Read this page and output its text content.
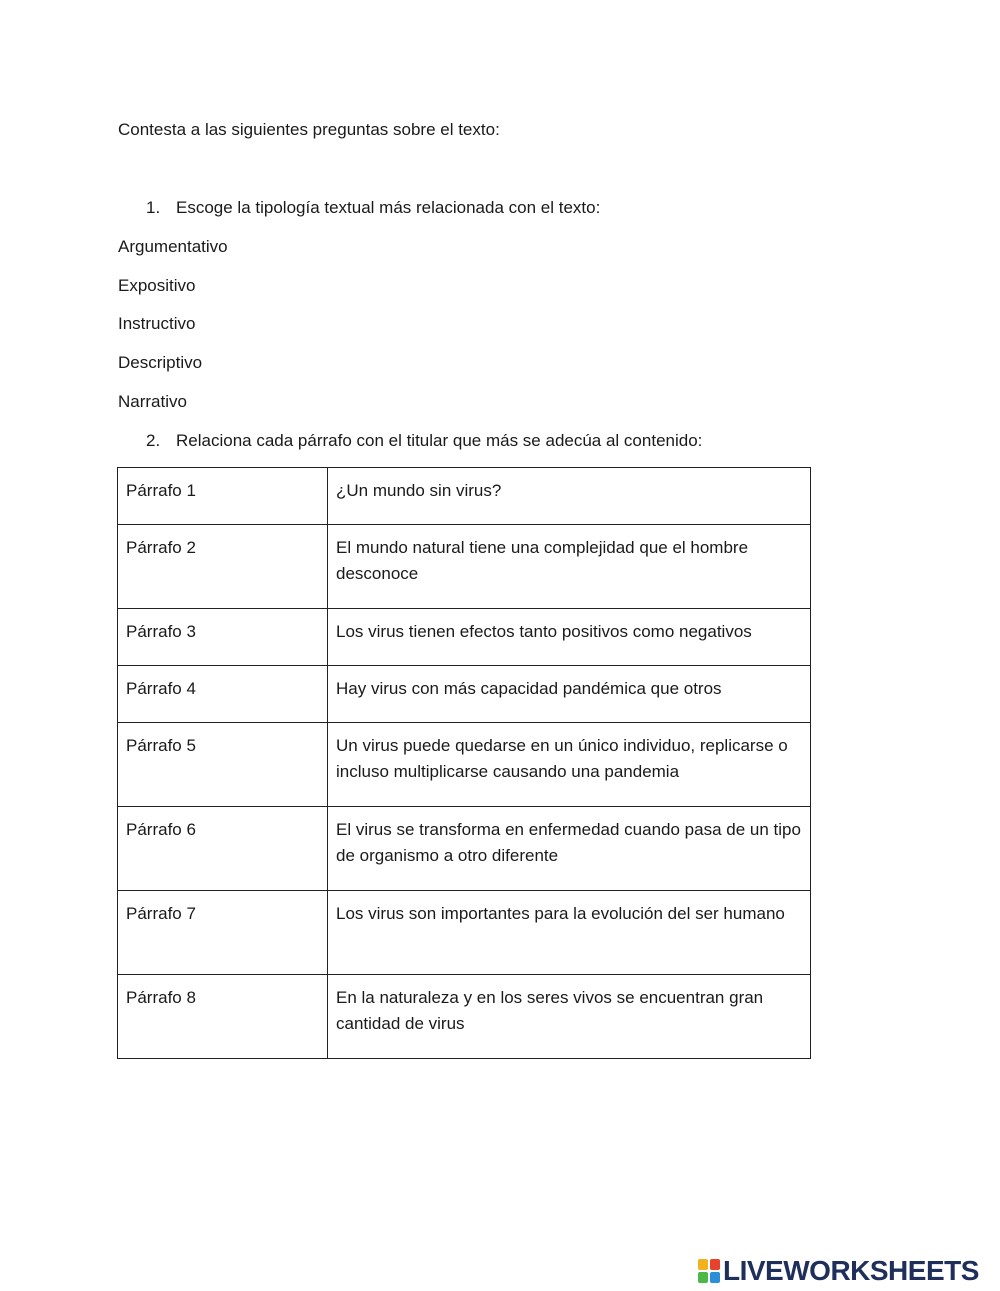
Contesta a las siguientes preguntas sobre el texto:
1. Escoge la tipología textual más relacionada con el texto:
Argumentativo
Expositivo
Instructivo
Descriptivo
Narrativo
2. Relaciona cada párrafo con el titular que más se adecúa al contenido:
Párrafo 1	¿Un mundo sin virus?
Párrafo 2	El mundo natural tiene una complejidad que el hombre desconoce
Párrafo 3	Los virus tienen efectos tanto positivos como negativos
Párrafo 4	Hay virus con más capacidad pandémica que otros
Párrafo 5	Un virus puede quedarse en un único individuo, replicarse o incluso multiplicarse causando una pandemia
Párrafo 6	El virus se transforma en enfermedad cuando pasa de un tipo de organismo a otro diferente
Párrafo 7	Los virus son importantes para la evolución del ser humano
Párrafo 8	En la naturaleza y en los seres vivos se encuentran gran cantidad de virus
LIVEWORKSHEETS
